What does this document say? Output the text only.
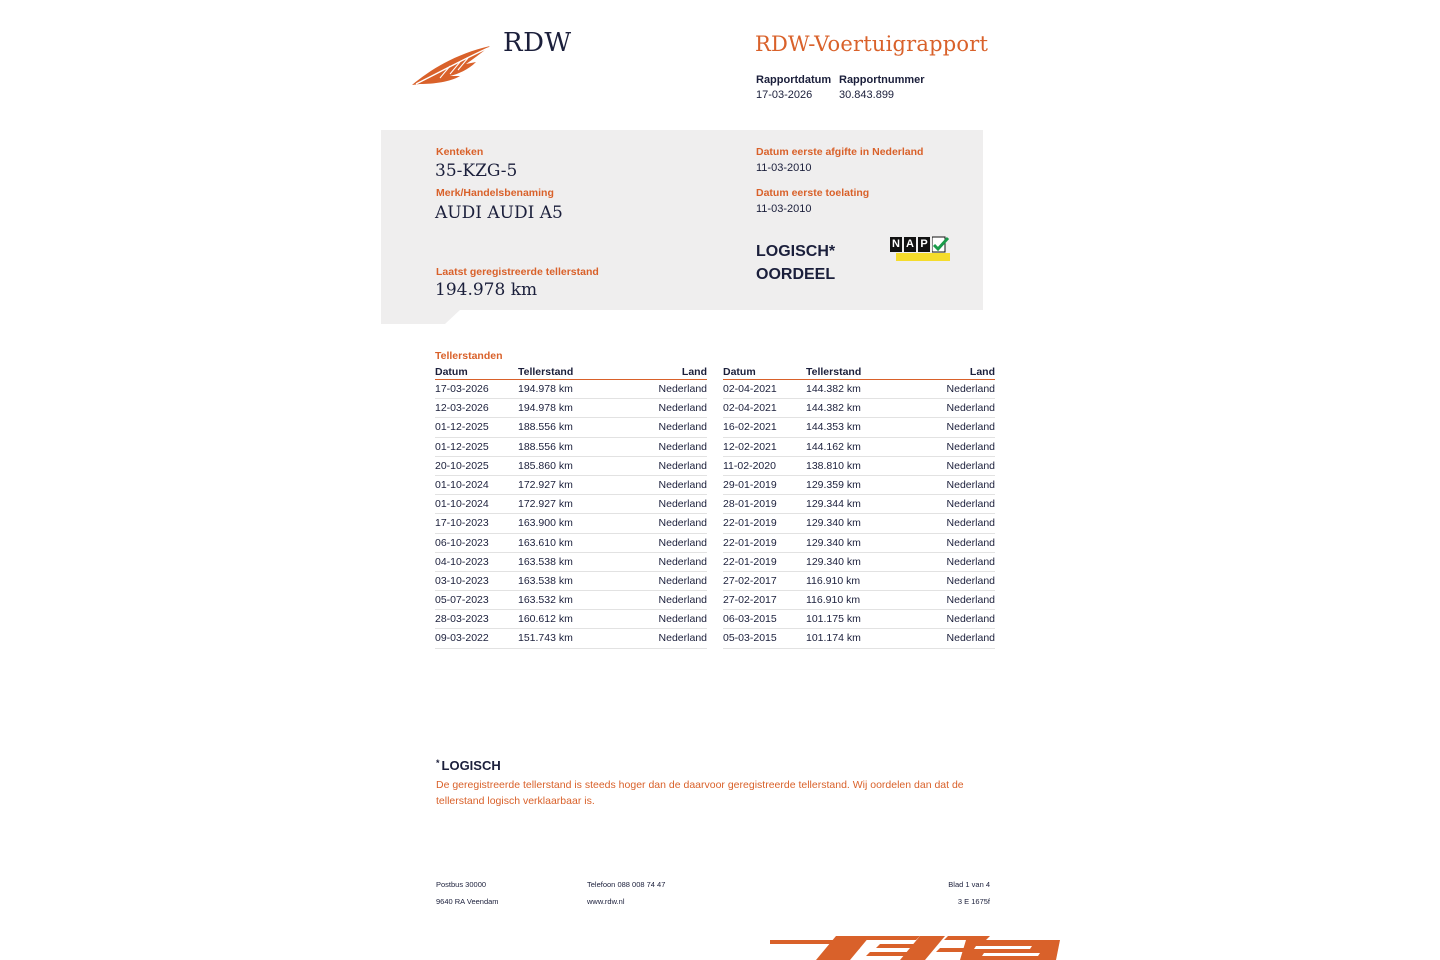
RDW	RDW-Voertuigrapport
Rapportdatum
17-03-2026
Rapportnummer
30.843.899
Kenteken
35-KZG-5
Merk/Handelsbenaming
AUDI AUDI A5
Laatst geregistreerde tellerstand
194.978 km
Datum eerste afgifte in Nederland
11-03-2010
Datum eerste toelating
11-03-2010
LOGISCH*
OORDEEL
N A P
Tellerstanden
Datum	Tellerstand	Land
17-03-2026	194.978 km	Nederland
12-03-2026	194.978 km	Nederland
01-12-2025	188.556 km	Nederland
01-12-2025	188.556 km	Nederland
20-10-2025	185.860 km	Nederland
01-10-2024	172.927 km	Nederland
01-10-2024	172.927 km	Nederland
17-10-2023	163.900 km	Nederland
06-10-2023	163.610 km	Nederland
04-10-2023	163.538 km	Nederland
03-10-2023	163.538 km	Nederland
05-07-2023	163.532 km	Nederland
28-03-2023	160.612 km	Nederland
09-03-2022	151.743 km	Nederland
Datum	Tellerstand	Land
02-04-2021	144.382 km	Nederland
02-04-2021	144.382 km	Nederland
16-02-2021	144.353 km	Nederland
12-02-2021	144.162 km	Nederland
11-02-2020	138.810 km	Nederland
29-01-2019	129.359 km	Nederland
28-01-2019	129.344 km	Nederland
22-01-2019	129.340 km	Nederland
22-01-2019	129.340 km	Nederland
22-01-2019	129.340 km	Nederland
27-02-2017	116.910 km	Nederland
27-02-2017	116.910 km	Nederland
06-03-2015	101.175 km	Nederland
05-03-2015	101.174 km	Nederland
* LOGISCH
De geregistreerde tellerstand is steeds hoger dan de daarvoor geregistreerde tellerstand. Wij oordelen dan dat de tellerstand logisch verklaarbaar is.
Postbus 30000
9640 RA Veendam
Telefoon 088 008 74 47
www.rdw.nl
Blad 1 van 4
3 E 1675f
